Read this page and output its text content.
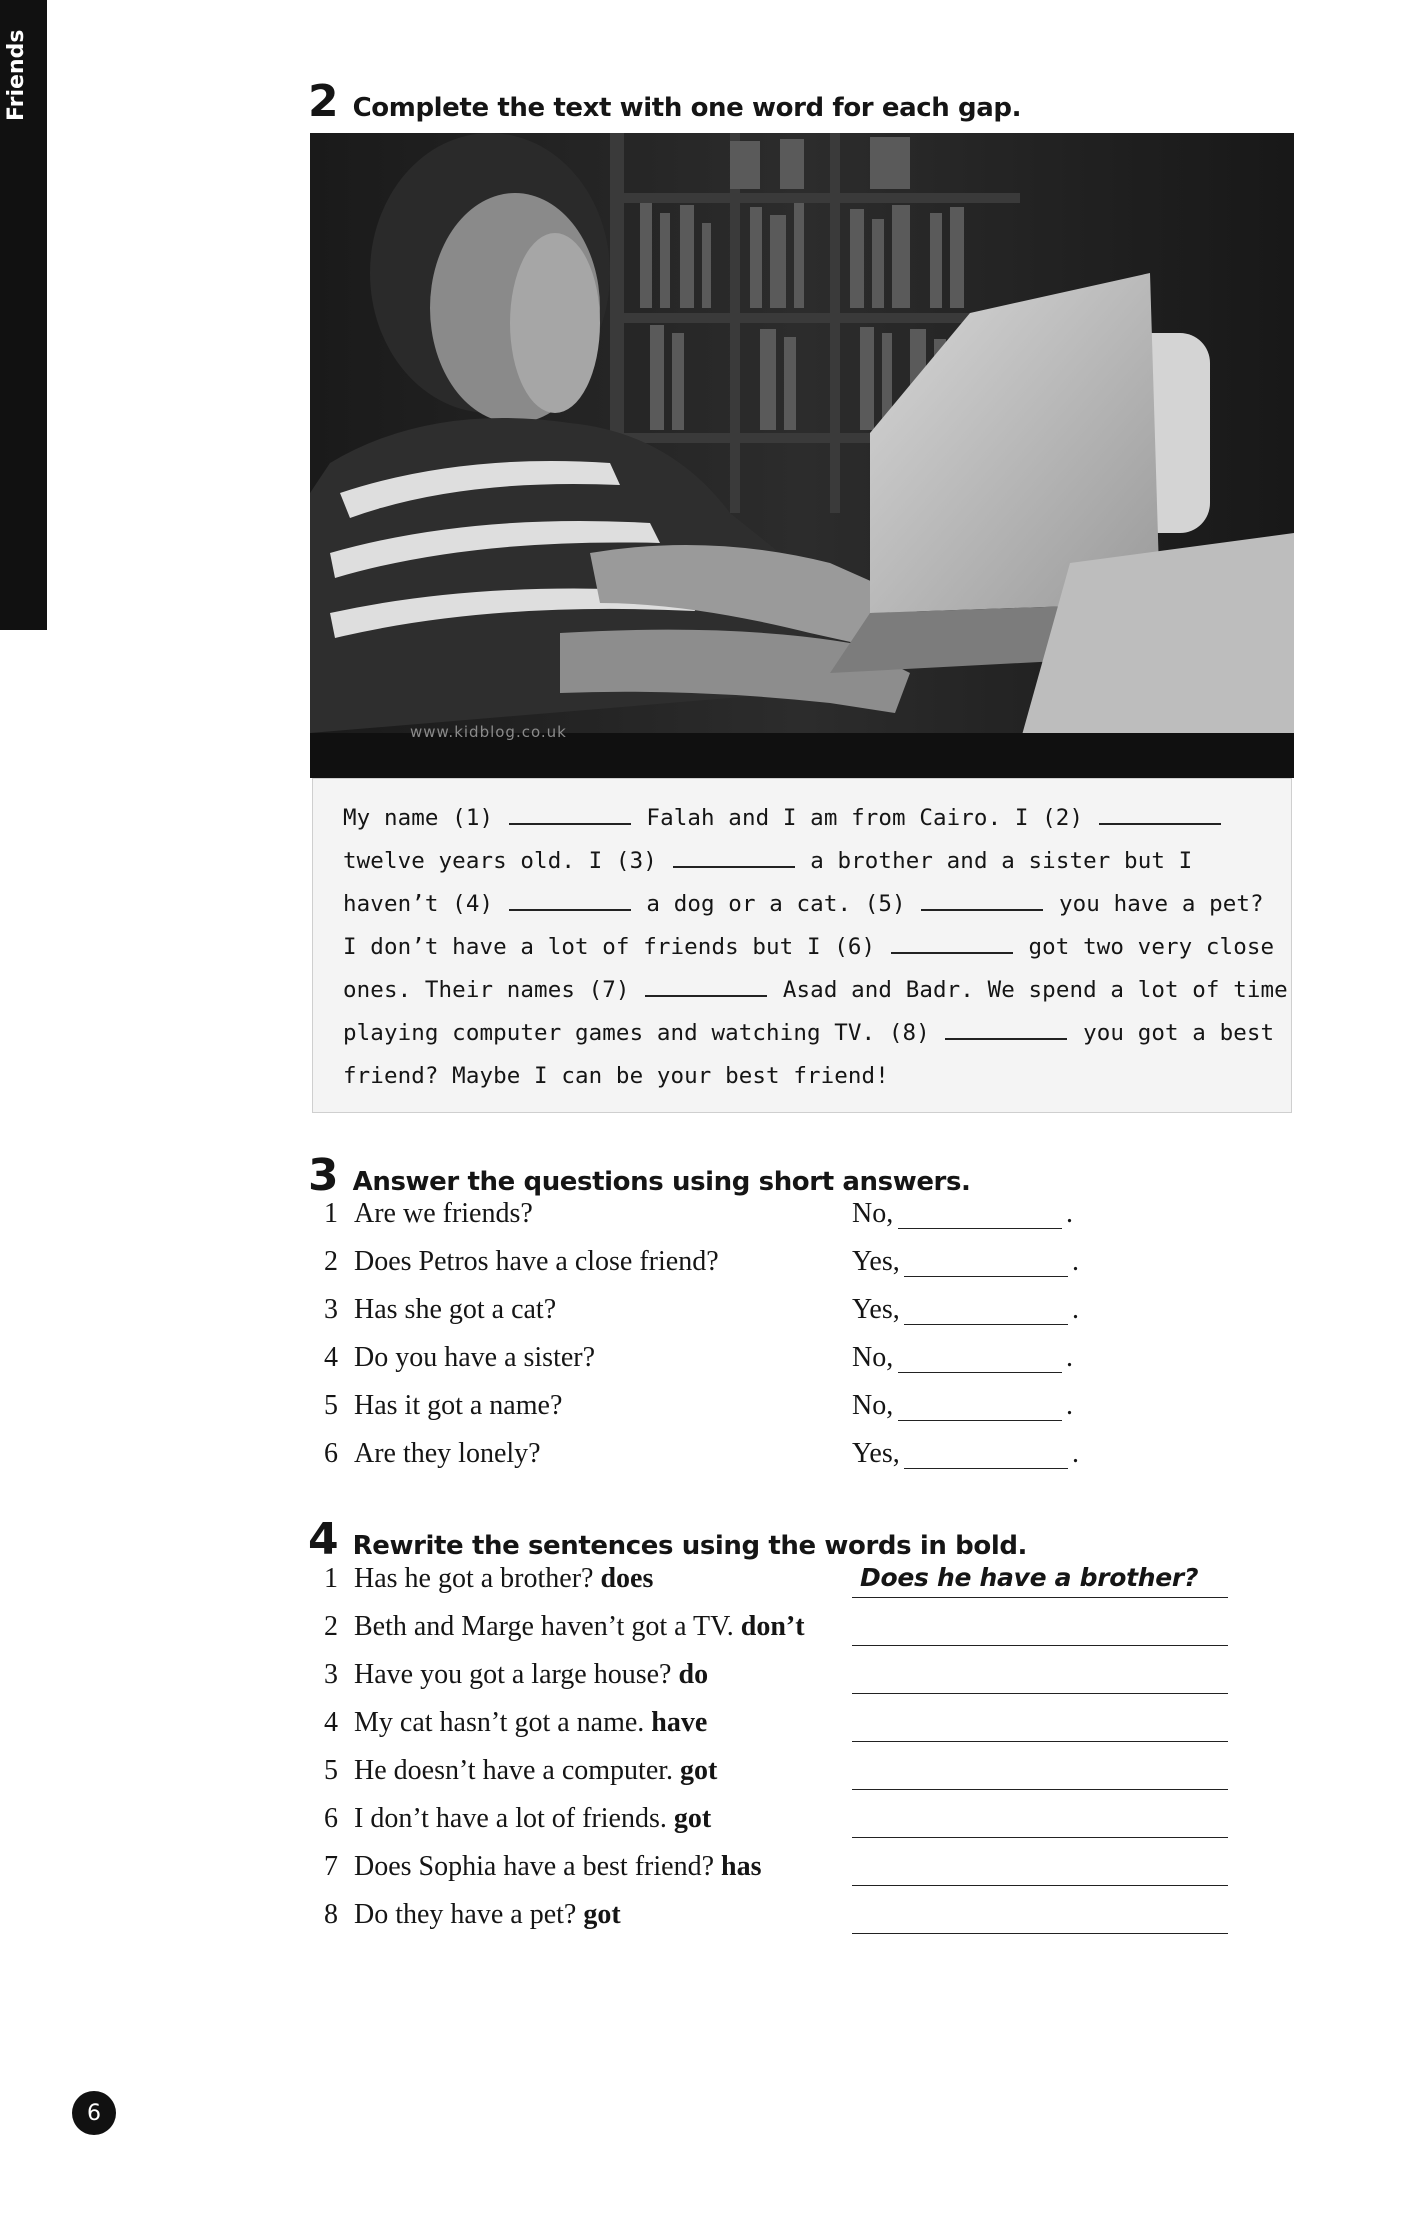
Friends	2 Complete the text with one word for each gap.
www.kidblog.co.uk
My name (1)	Falah and I am from Cairo. I (2)
twelve years old. I (3)	a brother and a sister but I
haven’t (4)	a dog or a cat. (5)	you have a pet?
I don’t have a lot of friends but I (6)	got two very close
ones. Their names (7)	Asad and Badr. We spend a lot of time
playing computer games and watching TV. (8)	you got a best
friend? Maybe I can be your best friend!
3 Answer the questions using short answers.
1 Are we friends?	No,	.
2 Does Petros have a close friend?	Yes,	.
3 Has she got a cat?	Yes,	.
4 Do you have a sister?	No,	.
5 Has it got a name?	No,	.
6 Are they lonely?	Yes,	.
4 Rewrite the sentences using the words in bold.
1 Has he got a brother? does	Does he have a brother?
2 Beth and Marge haven’t got a TV. don’t
3 Have you got a large house? do
4 My cat hasn’t got a name. have
5 He doesn’t have a computer. got
6 I don’t have a lot of friends. got
7 Does Sophia have a best friend? has
8 Do they have a pet? got
6
